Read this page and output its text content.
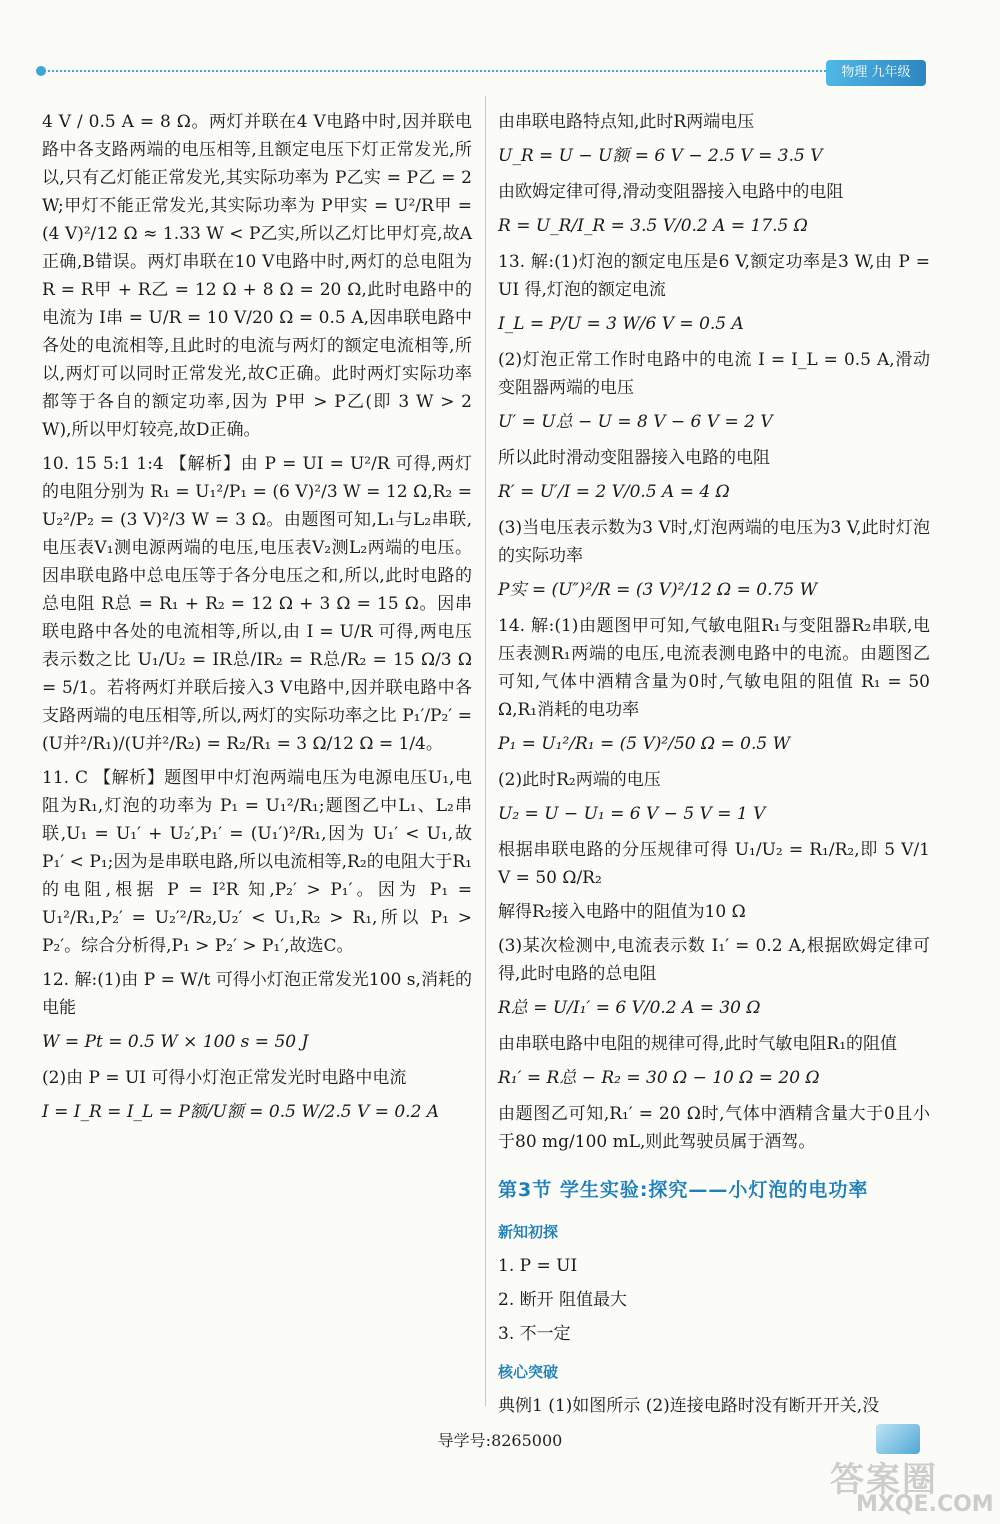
物理 九年级

4 V / 0.5 A = 8 Ω。两灯并联在4 V电路中时,因并联电路中各支路两端的电压相等,且额定电压下灯正常发光,所以,只有乙灯能正常发光,其实际功率为 P乙实 = P乙 = 2 W;甲灯不能正常发光,其实际功率为 P甲实 = U²/R甲 = (4 V)²/12 Ω ≈ 1.33 W < P乙实,所以乙灯比甲灯亮,故A正确,B错误。两灯串联在10 V电路中时,两灯的总电阻为 R = R甲 + R乙 = 12 Ω + 8 Ω = 20 Ω,此时电路中的电流为 I串 = U/R = 10 V/20 Ω = 0.5 A,因串联电路中各处的电流相等,且此时的电流与两灯的额定电流相等,所以,两灯可以同时正常发光,故C正确。此时两灯实际功率都等于各自的额定功率,因为 P甲 > P乙(即 3 W > 2 W),所以甲灯较亮,故D正确。

10. 15 5:1 1:4 【解析】由 P = UI = U²/R 可得,两灯的电阻分别为 R₁ = U₁²/P₁ = (6 V)²/3 W = 12 Ω,R₂ = U₂²/P₂ = (3 V)²/3 W = 3 Ω。由题图可知,L₁与L₂串联,电压表V₁测电源两端的电压,电压表V₂测L₂两端的电压。因串联电路中总电压等于各分电压之和,所以,此时电路的总电阻 R总 = R₁ + R₂ = 12 Ω + 3 Ω = 15 Ω。因串联电路中各处的电流相等,所以,由 I = U/R 可得,两电压表示数之比 U₁/U₂ = IR总/IR₂ = R总/R₂ = 15 Ω/3 Ω = 5/1。若将两灯并联后接入3 V电路中,因并联电路中各支路两端的电压相等,所以,两灯的实际功率之比 P₁′/P₂′ = (U并²/R₁)/(U并²/R₂) = R₂/R₁ = 3 Ω/12 Ω = 1/4。

11. C 【解析】题图甲中灯泡两端电压为电源电压U₁,电阻为R₁,灯泡的功率为 P₁ = U₁²/R₁;题图乙中L₁、L₂串联,U₁ = U₁′ + U₂′,P₁′ = (U₁′)²/R₁,因为 U₁′ < U₁,故 P₁′ < P₁;因为是串联电路,所以电流相等,R₂的电阻大于R₁的电阻,根据 P = I²R 知,P₂′ > P₁′。因为 P₁ = U₁²/R₁,P₂′ = U₂′²/R₂,U₂′ < U₁,R₂ > R₁,所以 P₁ > P₂′。综合分析得,P₁ > P₂′ > P₁′,故选C。

12. 解:(1)由 P = W/t 可得小灯泡正常发光100 s,消耗的电能

W = Pt = 0.5 W × 100 s = 50 J

(2)由 P = UI 可得小灯泡正常发光时电路中电流

I = I_R = I_L = P额/U额 = 0.5 W/2.5 V = 0.2 A

由串联电路特点知,此时R两端电压

U_R = U − U额 = 6 V − 2.5 V = 3.5 V

由欧姆定律可得,滑动变阻器接入电路中的电阻

R = U_R/I_R = 3.5 V/0.2 A = 17.5 Ω

13. 解:(1)灯泡的额定电压是6 V,额定功率是3 W,由 P = UI 得,灯泡的额定电流

I_L = P/U = 3 W/6 V = 0.5 A

(2)灯泡正常工作时电路中的电流 I = I_L = 0.5 A,滑动变阻器两端的电压

U′ = U总 − U = 8 V − 6 V = 2 V

所以此时滑动变阻器接入电路的电阻

R′ = U′/I = 2 V/0.5 A = 4 Ω

(3)当电压表示数为3 V时,灯泡两端的电压为3 V,此时灯泡的实际功率

P实 = (U″)²/R = (3 V)²/12 Ω = 0.75 W

14. 解:(1)由题图甲可知,气敏电阻R₁与变阻器R₂串联,电压表测R₁两端的电压,电流表测电路中的电流。由题图乙可知,气体中酒精含量为0时,气敏电阻的阻值 R₁ = 50 Ω,R₁消耗的电功率

P₁ = U₁²/R₁ = (5 V)²/50 Ω = 0.5 W

(2)此时R₂两端的电压

U₂ = U − U₁ = 6 V − 5 V = 1 V

根据串联电路的分压规律可得 U₁/U₂ = R₁/R₂,即 5 V/1 V = 50 Ω/R₂

解得R₂接入电路中的阻值为10 Ω

(3)某次检测中,电流表示数 I₁′ = 0.2 A,根据欧姆定律可得,此时电路的总电阻

R总 = U/I₁′ = 6 V/0.2 A = 30 Ω

由串联电路中电阻的规律可得,此时气敏电阻R₁的阻值

R₁′ = R总 − R₂ = 30 Ω − 10 Ω = 20 Ω

由题图乙可知,R₁′ = 20 Ω时,气体中酒精含量大于0且小于80 mg/100 mL,则此驾驶员属于酒驾。

第3节 学生实验:探究——小灯泡的电功率
新知初探

1. P = UI

2. 断开 阻值最大

3. 不一定

核心突破

典例1 (1)如图所示 (2)连接电路时没有断开开关,没

导学号:8265000
答案圈
MXQE.COM
